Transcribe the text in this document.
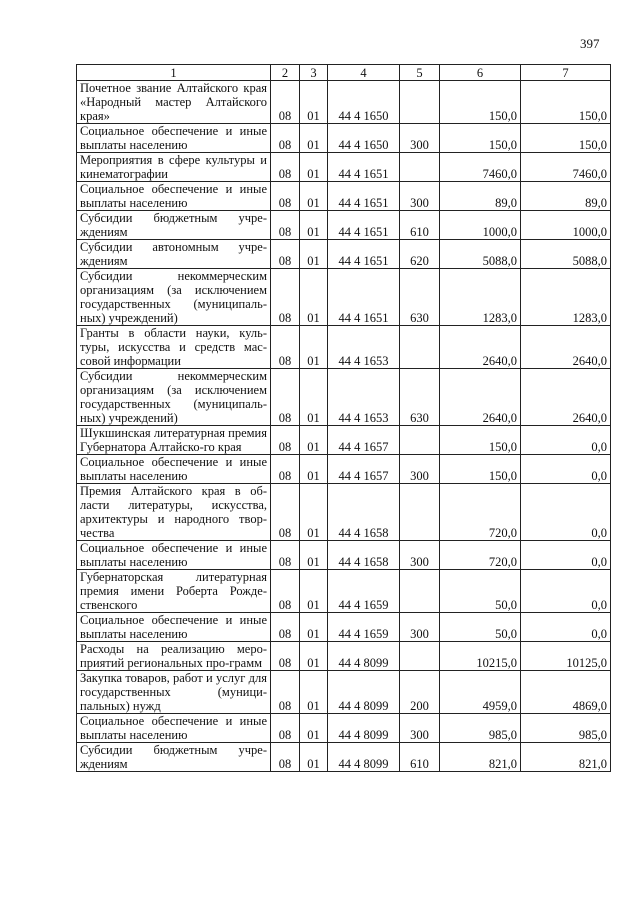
397
1	2	3	4	5	6	7
Почетное звание Алтайского края «Народный мастер Алтайского края»	08	01	44 4 1650		150,0	150,0
Социальное обеспечение и иные выплаты населению	08	01	44 4 1650	300	150,0	150,0
Мероприятия в сфере культуры и кинематографии	08	01	44 4 1651		7460,0	7460,0
Социальное обеспечение и иные выплаты населению	08	01	44 4 1651	300	89,0	89,0
Субсидии бюджетным учре-ждениям	08	01	44 4 1651	610	1000,0	1000,0
Субсидии автономным учре-ждениям	08	01	44 4 1651	620	5088,0	5088,0
Субсидии некоммерческим организациям (за исключением государственных (муниципаль-ных) учреждений)	08	01	44 4 1651	630	1283,0	1283,0
Гранты в области науки, куль-туры, искусства и средств мас-совой информации	08	01	44 4 1653		2640,0	2640,0
Субсидии некоммерческим организациям (за исключением государственных (муниципаль-ных) учреждений)	08	01	44 4 1653	630	2640,0	2640,0
Шукшинская литературная премия Губернатора Алтайско-го края	08	01	44 4 1657		150,0	0,0
Социальное обеспечение и иные выплаты населению	08	01	44 4 1657	300	150,0	0,0
Премия Алтайского края в об-ласти литературы, искусства, архитектуры и народного твор-чества	08	01	44 4 1658		720,0	0,0
Социальное обеспечение и иные выплаты населению	08	01	44 4 1658	300	720,0	0,0
Губернаторская литературная премия имени Роберта Рожде-ственского	08	01	44 4 1659		50,0	0,0
Социальное обеспечение и иные выплаты населению	08	01	44 4 1659	300	50,0	0,0
Расходы на реализацию меро-приятий региональных про-грамм	08	01	44 4 8099		10215,0	10125,0
Закупка товаров, работ и услуг для государственных (муници-пальных) нужд	08	01	44 4 8099	200	4959,0	4869,0
Социальное обеспечение и иные выплаты населению	08	01	44 4 8099	300	985,0	985,0
Субсидии бюджетным учре-ждениям	08	01	44 4 8099	610	821,0	821,0
